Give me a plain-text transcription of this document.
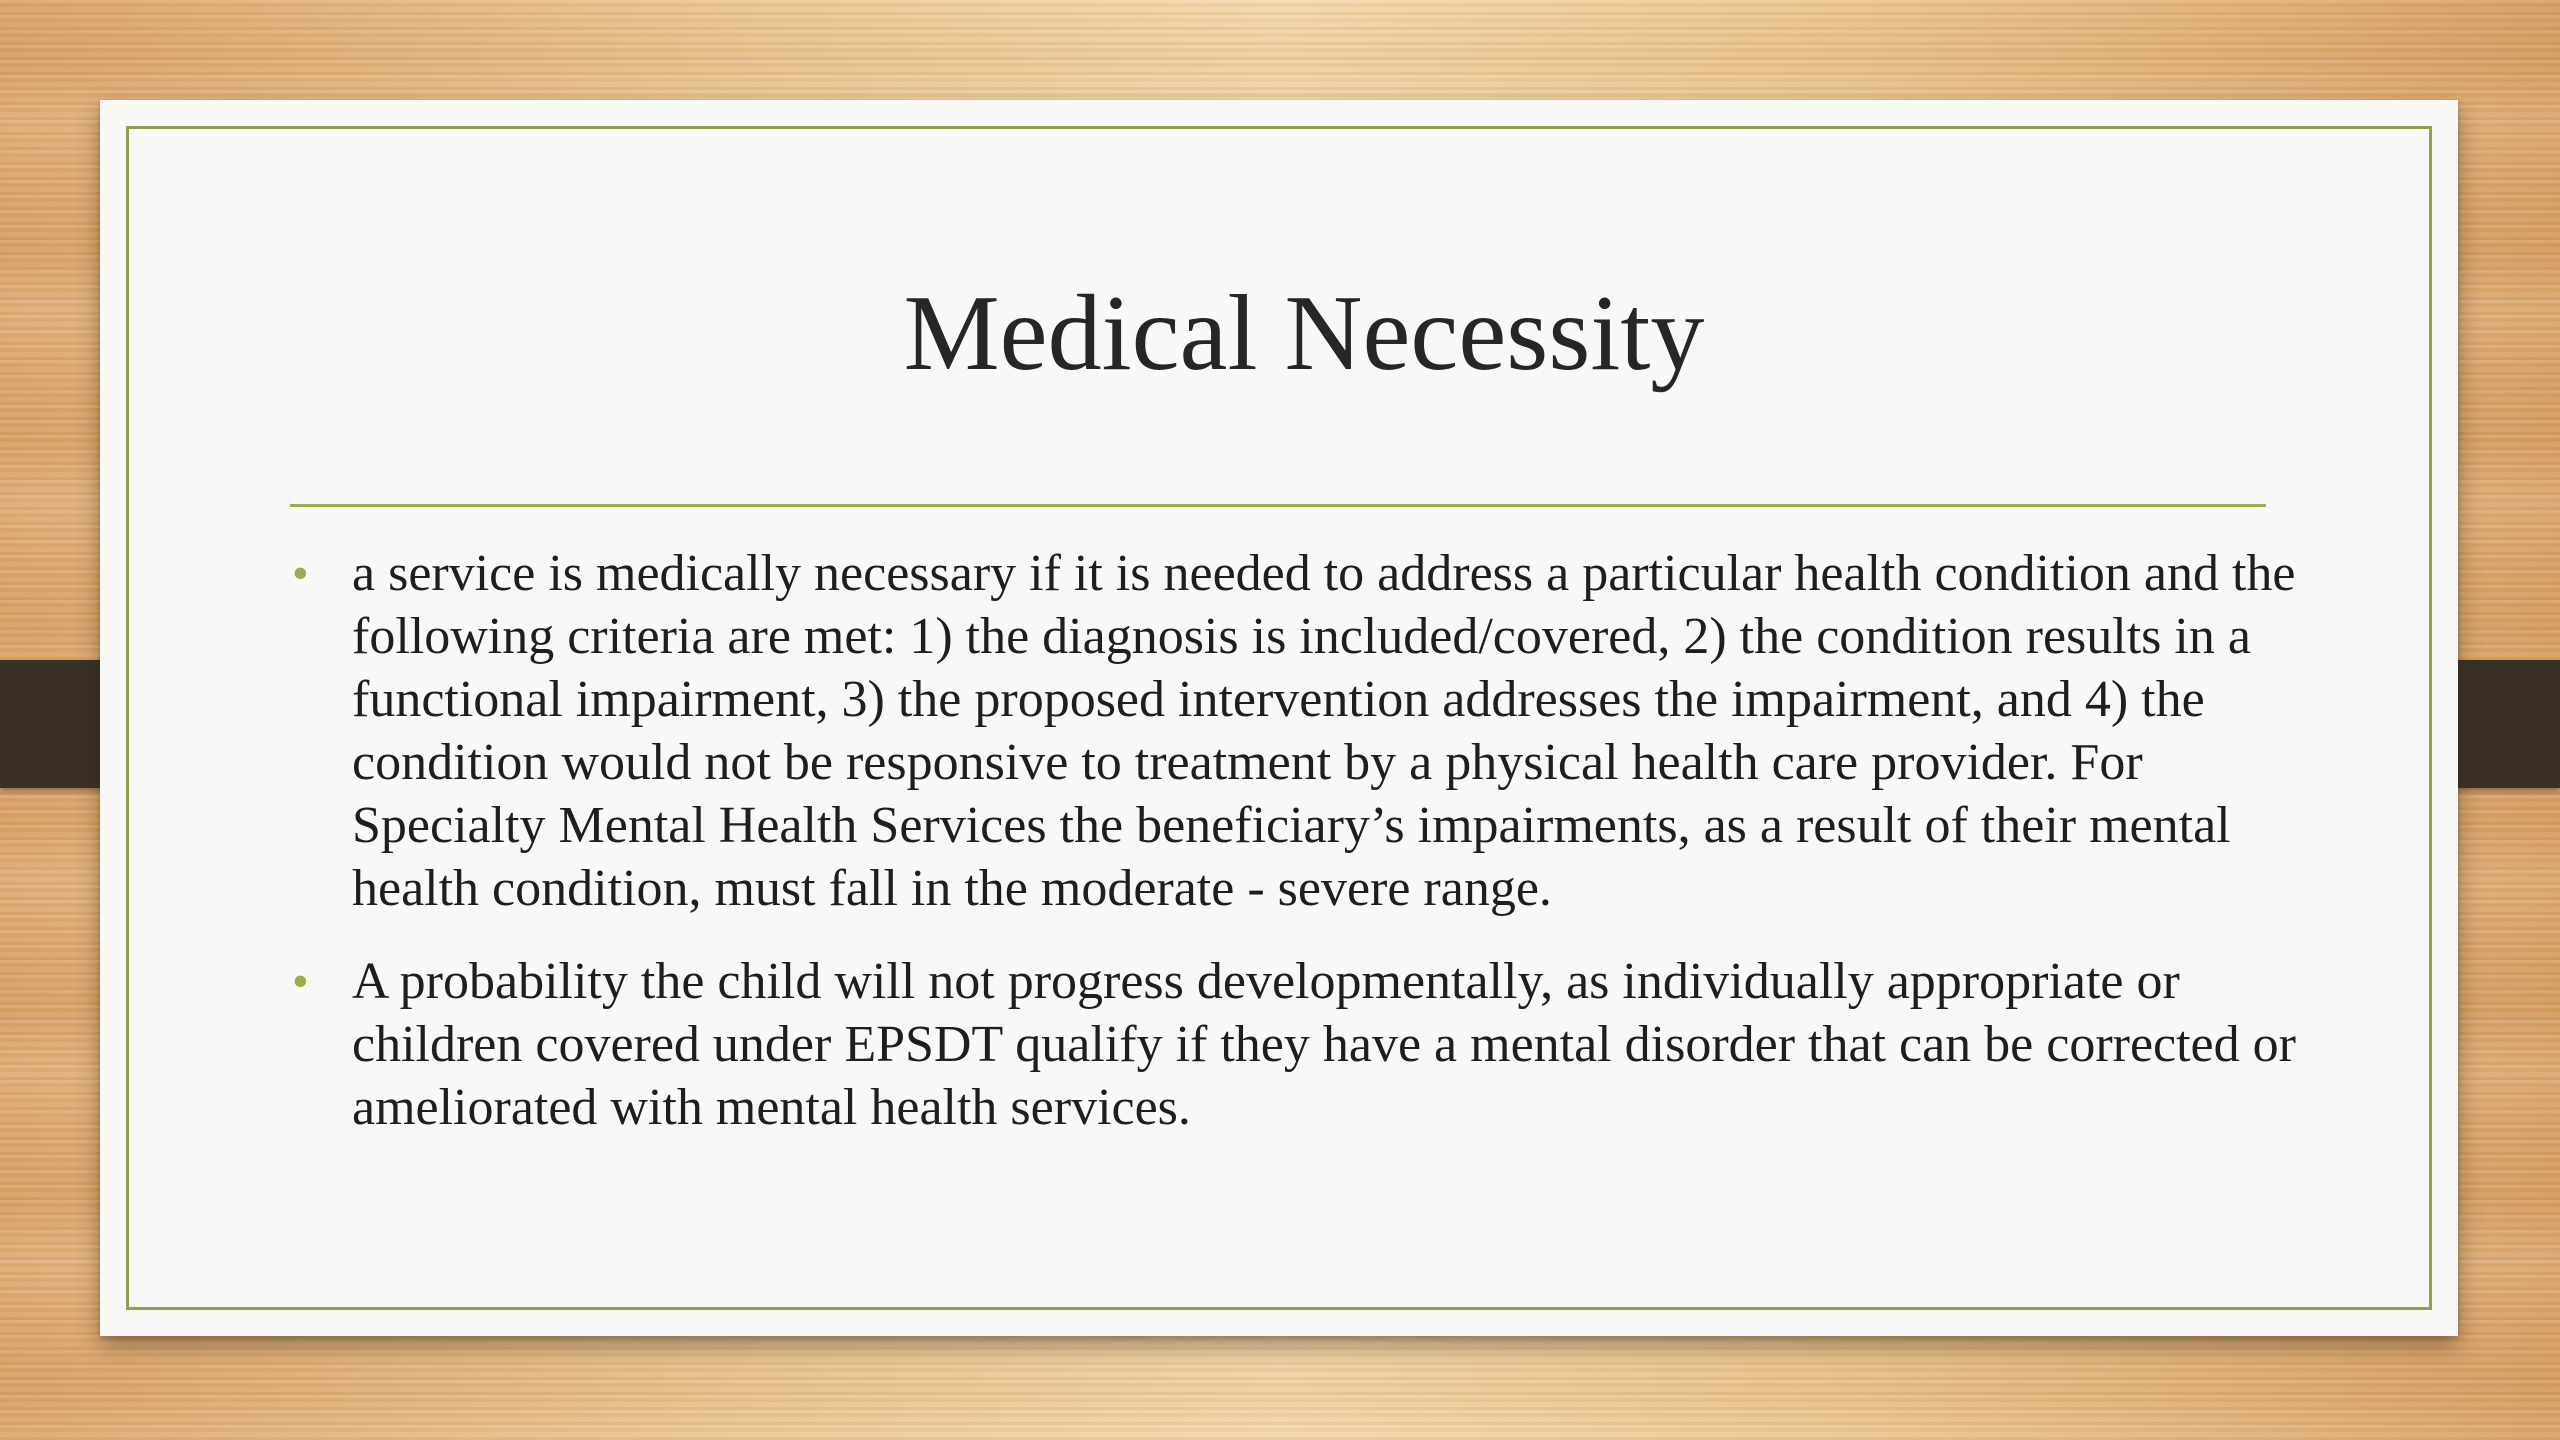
Medical Necessity
• a service is medically necessary if it is needed to address a particular health condition and the following criteria are met: 1) the diagnosis is included/covered, 2) the condition results in a functional impairment, 3) the proposed intervention addresses the impairment, and 4) the condition would not be responsive to treatment by a physical health care provider. For Specialty Mental Health Services the beneficiary’s impairments, as a result of their mental health condition, must fall in the moderate - severe range.
• A probability the child will not progress developmentally, as individually appropriate or children covered under EPSDT qualify if they have a mental disorder that can be corrected or ameliorated with mental health services.
